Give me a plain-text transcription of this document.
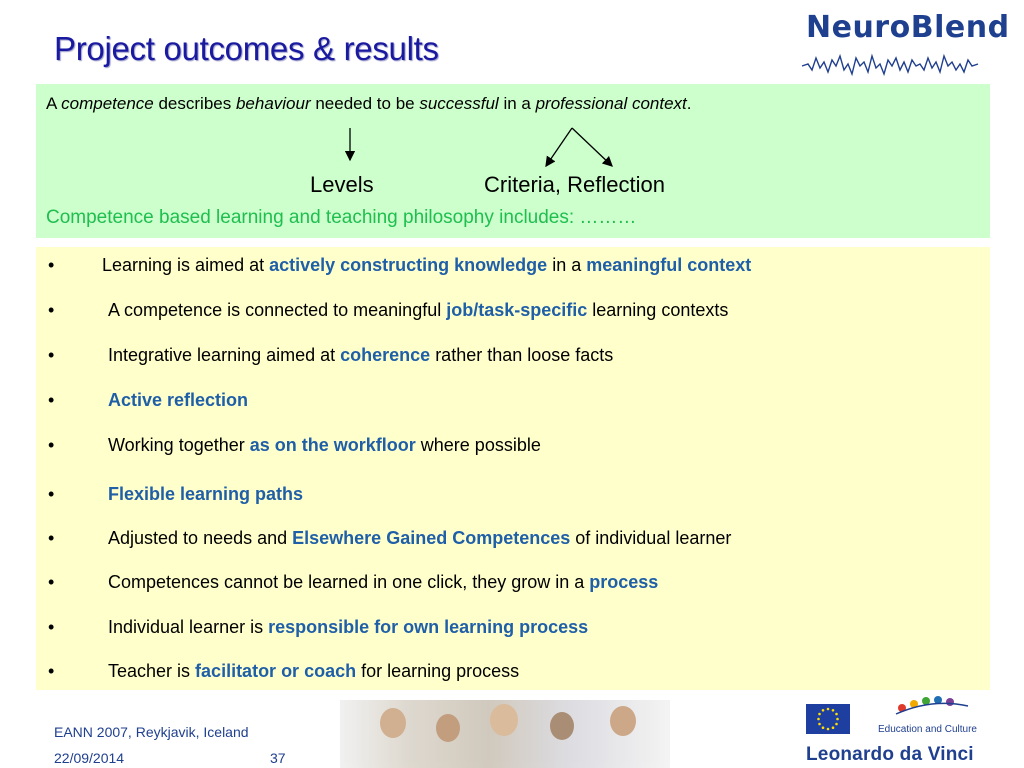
Project outcomes & results
NeuroBlend
A competence describes behaviour needed to be successful in a professional context.
Levels	Criteria, Reflection
Competence based learning and teaching philosophy includes: ………
•	Learning is aimed at actively constructing knowledge in a meaningful context
•	A competence is connected to meaningful job/task-specific learning contexts
•	Integrative learning aimed at coherence rather than loose facts
•	Active reflection
•	Working together as on the workfloor where possible
•	Flexible learning paths
•	Adjusted to needs and Elsewhere Gained Competences of individual learner
•	Competences cannot be learned in one click, they grow in a process
•	Individual learner is responsible for own learning process
•	Teacher is facilitator or coach for learning process
EANN 2007, Reykjavik, Iceland
22/09/2014	37
Education and Culture
Leonardo da Vinci
